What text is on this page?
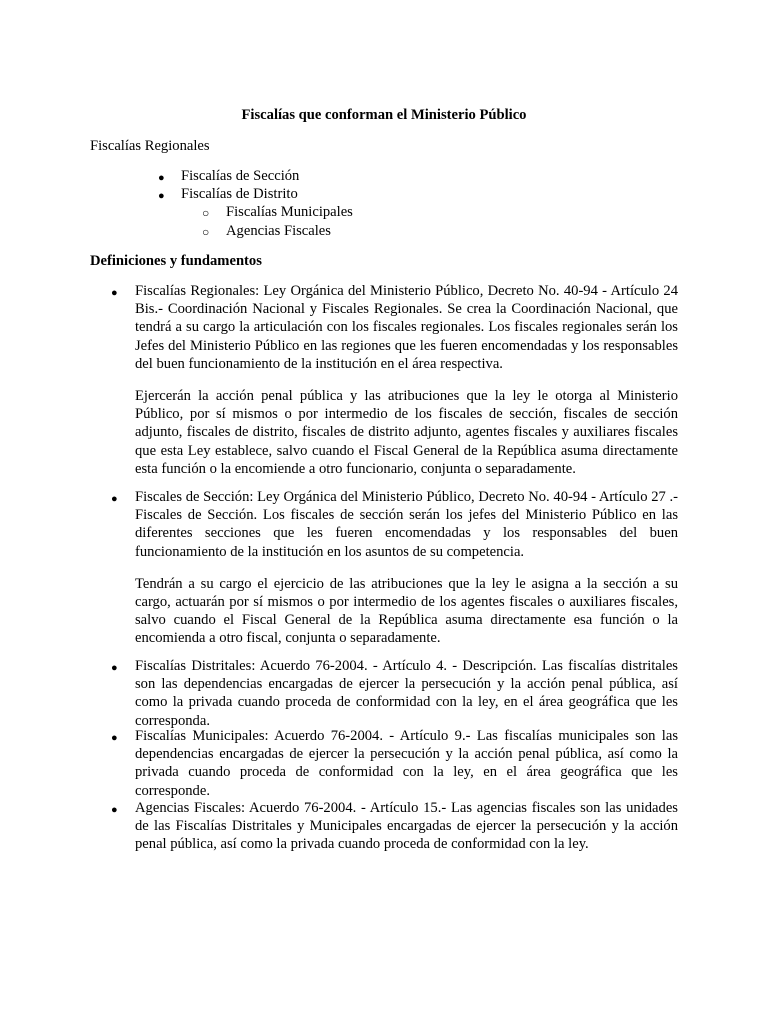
Fiscalías que conforman el Ministerio Público
Fiscalías Regionales
● Fiscalías de Sección
● Fiscalías de Distrito
○ Fiscalías Municipales
○ Agencias Fiscales
Definiciones y fundamentos
● Fiscalías Regionales: Ley Orgánica del Ministerio Público, Decreto No. 40-94 - Artículo 24 Bis.- Coordinación Nacional y Fiscales Regionales. Se crea la Coordinación Nacional, que tendrá a su cargo la articulación con los fiscales regionales. Los fiscales regionales serán los Jefes del Ministerio Público en las regiones que les fueren encomendadas y los responsables del buen funcionamiento de la institución en el área respectiva.

Ejercerán la acción penal pública y las atribuciones que la ley le otorga al Ministerio Público, por sí mismos o por intermedio de los fiscales de sección, fiscales de sección adjunto, fiscales de distrito, fiscales de distrito adjunto, agentes fiscales y auxiliares fiscales que esta Ley establece, salvo cuando el Fiscal General de la República asuma directamente esta función o la encomiende a otro funcionario, conjunta o separadamente.

● Fiscales de Sección: Ley Orgánica del Ministerio Público, Decreto No. 40-94 - Artículo 27 .- Fiscales de Sección. Los fiscales de sección serán los jefes del Ministerio Público en las diferentes secciones que les fueren encomendadas y los responsables del buen funcionamiento de la institución en los asuntos de su competencia.

Tendrán a su cargo el ejercicio de las atribuciones que la ley le asigna a la sección a su cargo, actuarán por sí mismos o por intermedio de los agentes fiscales o auxiliares fiscales, salvo cuando el Fiscal General de la República asuma directamente esa función o la encomienda a otro fiscal, conjunta o separadamente.

● Fiscalías Distritales: Acuerdo 76-2004. - Artículo 4. - Descripción. Las fiscalías distritales son las dependencias encargadas de ejercer la persecución y la acción penal pública, así como la privada cuando proceda de conformidad con la ley, en el área geográfica que les corresponda.

● Fiscalías Municipales: Acuerdo 76-2004. - Artículo 9.- Las fiscalías municipales son las dependencias encargadas de ejercer la persecución y la acción penal pública, así como la privada cuando proceda de conformidad con la ley, en el área geográfica que les corresponde.

● Agencias Fiscales: Acuerdo 76-2004. - Artículo 15.- Las agencias fiscales son las unidades de las Fiscalías Distritales y Municipales encargadas de ejercer la persecución y la acción penal pública, así como la privada cuando proceda de conformidad con la ley.
